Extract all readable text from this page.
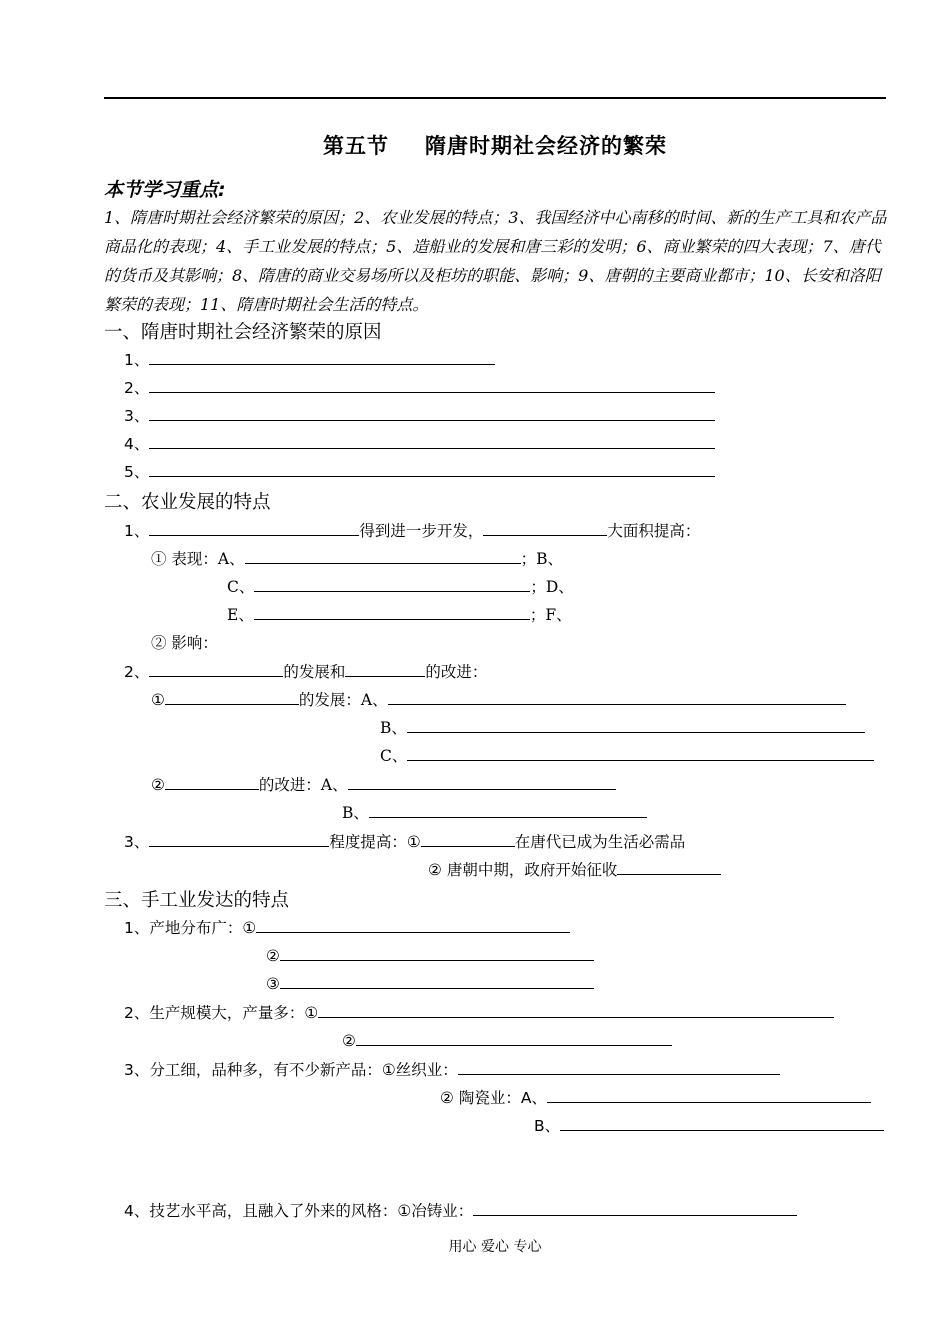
第五节 隋唐时期社会经济的繁荣
本节学习重点:
1、隋唐时期社会经济繁荣的原因；2、农业发展的特点；3、我国经济中心南移的时间、新的生产工具和农产品商品化的表现；4、手工业发展的特点；5、造船业的发展和唐三彩的发明；6、商业繁荣的四大表现；7、唐代的货币及其影响；8、隋唐的商业交易场所以及柜坊的职能、影响；9、唐朝的主要商业都市；10、长安和洛阳繁荣的表现；11、隋唐时期社会生活的特点。
一、隋唐时期社会经济繁荣的原因
1、
2、
3、
4、
5、
二、农业发展的特点
1、	得到进一步开发，	大面积提高：
① 表现：A、	；B、
C、	；D、
E、	；F、
② 影响：
2、	的发展和	的改进：
①	的发展：A、
B、
C、
②	的改进：A、
B、
3、	程度提高：①	在唐代已成为生活必需品
② 唐朝中期，政府开始征收
三、手工业发达的特点
1、产地分布广：①
②
③
2、生产规模大，产量多：①
②
3、分工细，品种多，有不少新产品：①丝织业：
② 陶瓷业：A、
B、
4、技艺水平高，且融入了外来的风格：①冶铸业：
用心 爱心 专心
